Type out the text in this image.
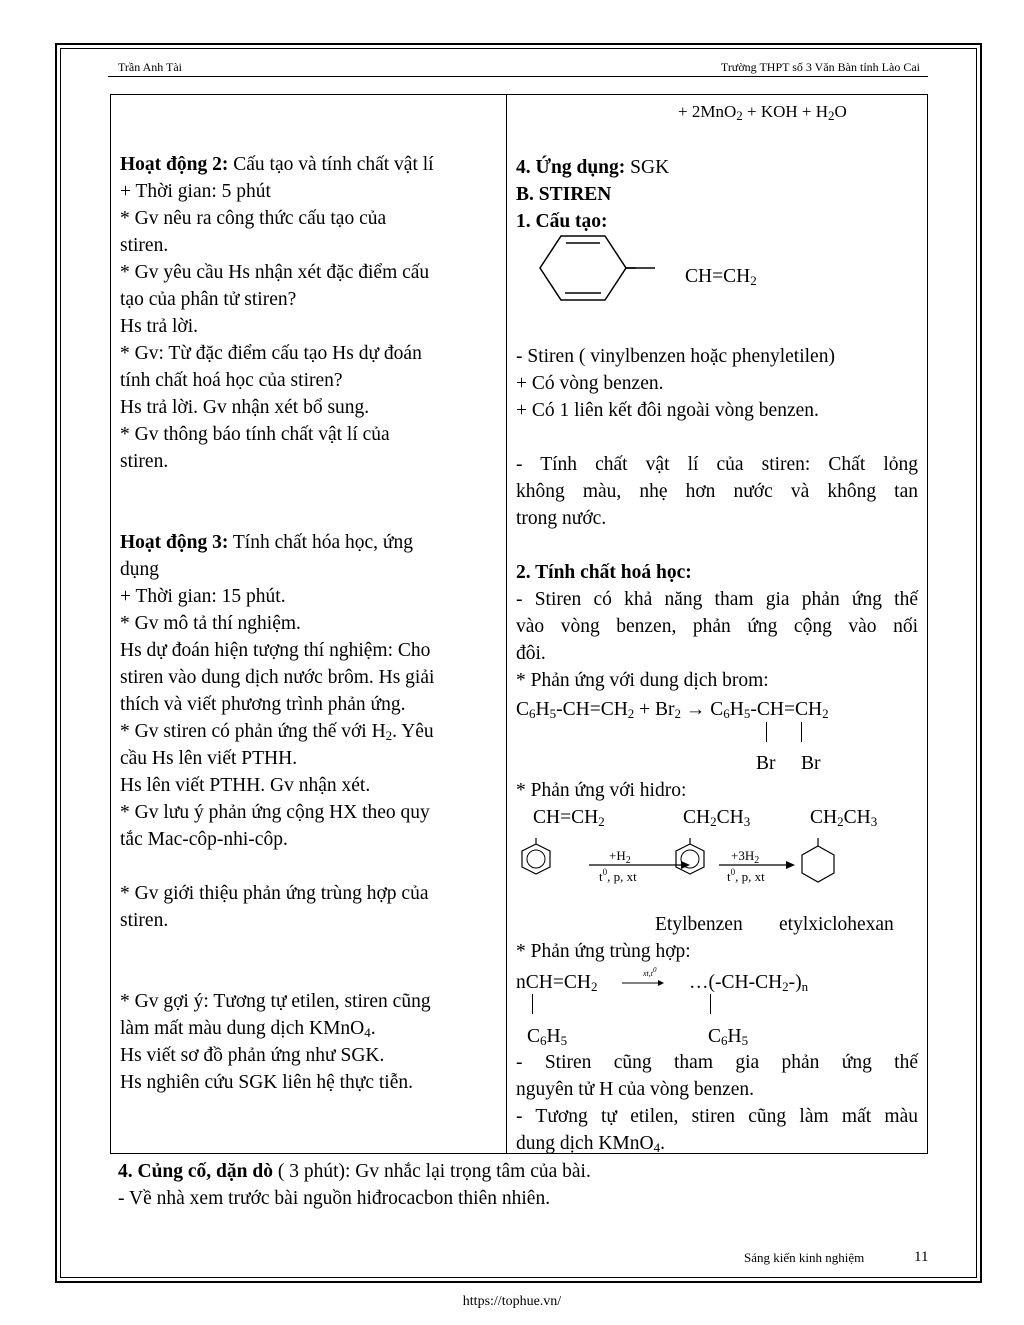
Trần Anh Tài	Trường THPT số 3 Văn Bàn tỉnh Lào Cai
Hoạt động 2: Cấu tạo và tính chất vật lí
+ Thời gian: 5 phút
* Gv nêu ra công thức cấu tạo của
stiren.
* Gv yêu cầu Hs nhận xét đặc điểm cấu
tạo của phân tử stiren?
Hs trả lời.
* Gv: Từ đặc điểm cấu tạo Hs dự đoán
tính chất hoá học của stiren?
Hs trả lời. Gv nhận xét bổ sung.
* Gv thông báo tính chất vật lí của
stiren.
Hoạt động 3: Tính chất hóa học, ứng
dụng
+ Thời gian: 15 phút.
* Gv mô tả thí nghiệm.
Hs dự đoán hiện tượng thí nghiệm: Cho
stiren vào dung dịch nước brôm. Hs giải
thích và viết phương trình phản ứng.
* Gv stiren có phản ứng thế với H2. Yêu
cầu Hs lên viết PTHH.
Hs lên viết PTHH. Gv nhận xét.
* Gv lưu ý phản ứng cộng HX theo quy
tắc Mac-côp-nhi-côp.
* Gv giới thiệu phản ứng trùng hợp của
stiren.
* Gv gợi ý: Tương tự etilen, stiren cũng
làm mất màu dung dịch KMnO4.
Hs viết sơ đồ phản ứng như SGK.
Hs nghiên cứu SGK liên hệ thực tiễn.
+ 2MnO2 + KOH + H2O
4. Ứng dụng: SGK
B. STIREN
1. Cấu tạo:
CH=CH2
- Stiren ( vinylbenzen hoặc phenyletilen)
+ Có vòng benzen.
+ Có 1 liên kết đôi ngoài vòng benzen.
- Tính chất vật lí của stiren: Chất lỏng
không màu, nhẹ hơn nước và không tan
trong nước.
2. Tính chất hoá học:
- Stiren có khả năng tham gia phản ứng thế
vào vòng benzen, phản ứng cộng vào nối
đôi.
* Phản ứng với dung dịch brom:
C6H5-CH=CH2 + Br2 → C6H5-CH=CH2
Br Br
* Phản ứng với hidro:
CH=CH2	CH2CH3	CH2CH3
$+H_2$
$t^0$, p, xt
$+3H_2$
$t^0$, p, xt
Etylbenzen etylxiclohexan
* Phản ứng trùng hợp:
nCH=CH2
xt,t0
…(-CH-CH2-)n
C6H5	C6H5
- Stiren cũng tham gia phản ứng thế
nguyên tử H của vòng benzen.
- Tương tự etilen, stiren cũng làm mất màu
dung dịch KMnO4.
4. Củng cố, dặn dò ( 3 phút): Gv nhắc lại trọng tâm của bài.
- Về nhà xem trước bài nguồn hiđrocacbon thiên nhiên.
Sáng kiến kinh nghiệm	11
https://tophue.vn/
